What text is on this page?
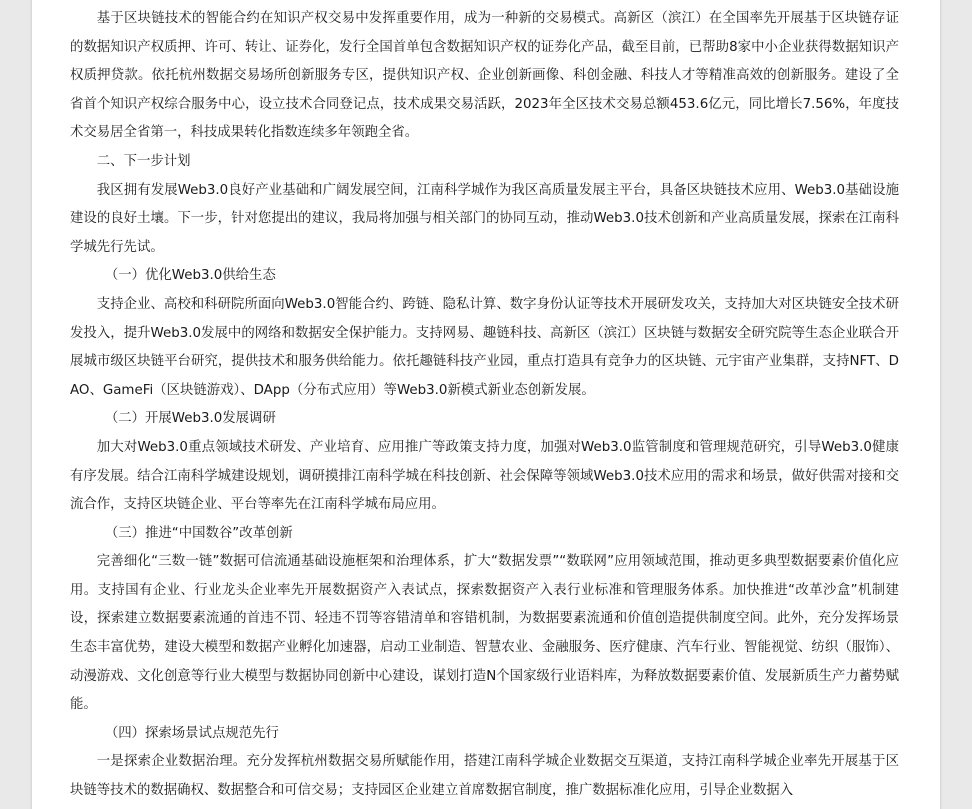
基于区块链技术的智能合约在知识产权交易中发挥重要作用，成为一种新的交易模式。高新区（滨江）在全国率先开展基于区块链存证的数据知识产权质押、许可、转让、证券化，发行全国首单包含数据知识产权的证券化产品，截至目前，已帮助8家中小企业获得数据知识产权质押贷款。依托杭州数据交易场所创新服务专区，提供知识产权、企业创新画像、科创金融、科技人才等精准高效的创新服务。建设了全省首个知识产权综合服务中心，设立技术合同登记点，技术成果交易活跃，2023年全区技术交易总额453.6亿元，同比增长7.56%，年度技术交易居全省第一，科技成果转化指数连续多年领跑全省。

二、下一步计划

我区拥有发展Web3.0良好产业基础和广阔发展空间，江南科学城作为我区高质量发展主平台，具备区块链技术应用、Web3.0基础设施建设的良好土壤。下一步，针对您提出的建议，我局将加强与相关部门的协同互动，推动Web3.0技术创新和产业高质量发展，探索在江南科学城先行先试。

（一）优化Web3.0供给生态

支持企业、高校和科研院所面向Web3.0智能合约、跨链、隐私计算、数字身份认证等技术开展研发攻关，支持加大对区块链安全技术研发投入，提升Web3.0发展中的网络和数据安全保护能力。支持网易、趣链科技、高新区（滨江）区块链与数据安全研究院等生态企业联合开展城市级区块链平台研究，提供技术和服务供给能力。依托趣链科技产业园，重点打造具有竞争力的区块链、元宇宙产业集群，支持NFT、DAO、GameFi（区块链游戏）、DApp（分布式应用）等Web3.0新模式新业态创新发展。

（二）开展Web3.0发展调研

加大对Web3.0重点领域技术研发、产业培育、应用推广等政策支持力度，加强对Web3.0监管制度和管理规范研究，引导Web3.0健康有序发展。结合江南科学城建设规划，调研摸排江南科学城在科技创新、社会保障等领域Web3.0技术应用的需求和场景，做好供需对接和交流合作，支持区块链企业、平台等率先在江南科学城布局应用。

（三）推进“中国数谷”改革创新

完善细化“三数一链”数据可信流通基础设施框架和治理体系，扩大“数据发票”“数联网”应用领域范围，推动更多典型数据要素价值化应用。支持国有企业、行业龙头企业率先开展数据资产入表试点，探索数据资产入表行业标准和管理服务体系。加快推进“改革沙盒”机制建设，探索建立数据要素流通的首违不罚、轻违不罚等容错清单和容错机制，为数据要素流通和价值创造提供制度空间。此外，充分发挥场景生态丰富优势，建设大模型和数据产业孵化加速器，启动工业制造、智慧农业、金融服务、医疗健康、汽车行业、智能视觉、纺织（服饰）、动漫游戏、文化创意等行业大模型与数据协同创新中心建设，谋划打造N个国家级行业语料库，为释放数据要素价值、发展新质生产力蓄势赋能。

（四）探索场景试点规范先行

一是探索企业数据治理。充分发挥杭州数据交易所赋能作用，搭建江南科学城企业数据交互渠道，支持江南科学城企业率先开展基于区块链等技术的数据确权、数据整合和可信交易；支持园区企业建立首席数据官制度，推广数据标准化应用，引导企业数据入
